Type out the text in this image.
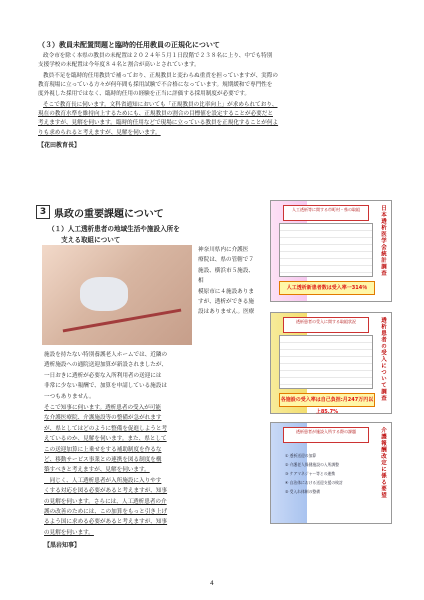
（３）教員未配置問題と臨時的任用教員の正規化について
政令市を除く本県の教員の未配置は２０２４年５月１日段階で２３８名に上り、中でも特別
支援学校の未配置は今年度８４名と割合が高いとされています。
教員不足を臨時的任用教員で補っており、正規教員と変わらぬ重責を担っていますが、実際の
教育現場に立っている方々が何年間も採用試験で不合格になっています。規期緩和で専門性を
度外視した採用ではなく、臨時的任用の経験を正当に評価する採用制度が必要です。
そこで教育長に伺います。文科省通知においても「正規教員の比率向上」が求められており、
現在の教育水準を維持向上するためにも、正規教員の割合の目標値を設定することが必要だと
考えますが、見解を伺います。臨時的任用などで現場に立っている教員を正規化することが何よ
りも求められると考えますが、見解を伺います。
【花田教育長】
3 県政の重要課題について
（１）人工透析患者の地域生活や施設入所を
　　支える取組について
神奈川県内に介護医
療院は、県の管轄で７
施設、横浜市５施設、相
模原市に４施設ありま
すが、透析ができる施
設はありません。医療
施設を持たない特別養護老人ホームでは、近隣の
透析施設への通院送迎加算が新設されましたが、
一日おきに透析が必要な入所利用者の送迎には
非常に少ない報酬で、加算を申請している施設は
一つもありません。
そこで知事に伺います。透析患者の受入が可能
な介護医療院、介護施設等の整備が急がれます
が、県としてはどのように整備を促進しようと考
えているのか、見解を伺います。また、県として
この送迎加算に上乗せをする補助制度を作るな
ど、移動サービス事業との連携を図る制度を構
築すべきと考えますが、見解を伺います。
　同じく、人工透析患者が入所施設に入りやす
くする対応を図る必要があると考えますが、知事
の見解を伺います。さらには、人工透析患者の介
護の改善のためには、この加算をもっと引き上げ
るよう国に求める必要があると考えますが、知事
の見解を伺います。
【黒岩知事】
人工透析等に関する市町村・県の取組	日本透析医学会統計調査
人工透析新患者数は受入率一314％
透析患者の受入に関する取組状況	透析患者の受入について調査
各施設の受入率は自己負担:月247万円以上85.7%
透析患者が施設入所する際の課題
① 透析送迎の加算
② 介護老人保健施設の入所調整
③ ケアマネジャー等との連携
④ 自治体における送迎支援の検討
⑤ 受入れ体制の整備	介護報酬改定に係る要望
4
